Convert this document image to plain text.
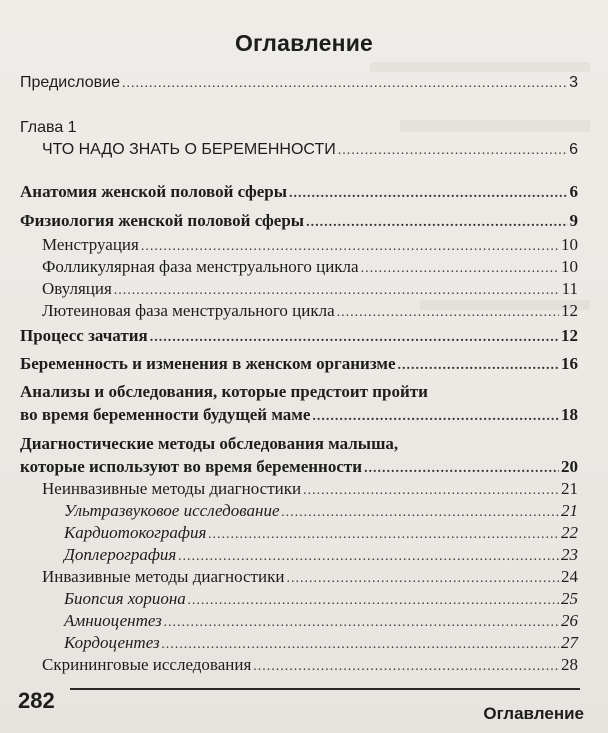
Оглавление
Предисловие .....	3
Глава 1
ЧТО НАДО ЗНАТЬ О БЕРЕМЕННОСТИ .....	6
Анатомия женской половой сферы .....	6
Физиология женской половой сферы .....	9
Менструация .....	10
Фолликулярная фаза менструального цикла .....	10
Овуляция .....	11
Лютеиновая фаза менструального цикла .....	12
Процесс зачатия .....	12
Беременность и изменения в женском организме .....	16
Анализы и обследования, которые предстоит пройти
во время беременности будущей маме .....	18
Диагностические методы обследования малыша,
которые используют во время беременности .....	20
Неинвазивные методы диагностики .....	21
Ультразвуковое исследование .....	21
Кардиотокография .....	22
Доплерография .....	23
Инвазивные методы диагностики .....	24
Биопсия хориона .....	25
Амниоцентез .....	26
Кордоцентез .....	27
Скрининговые исследования .....	28
282
Оглавление
